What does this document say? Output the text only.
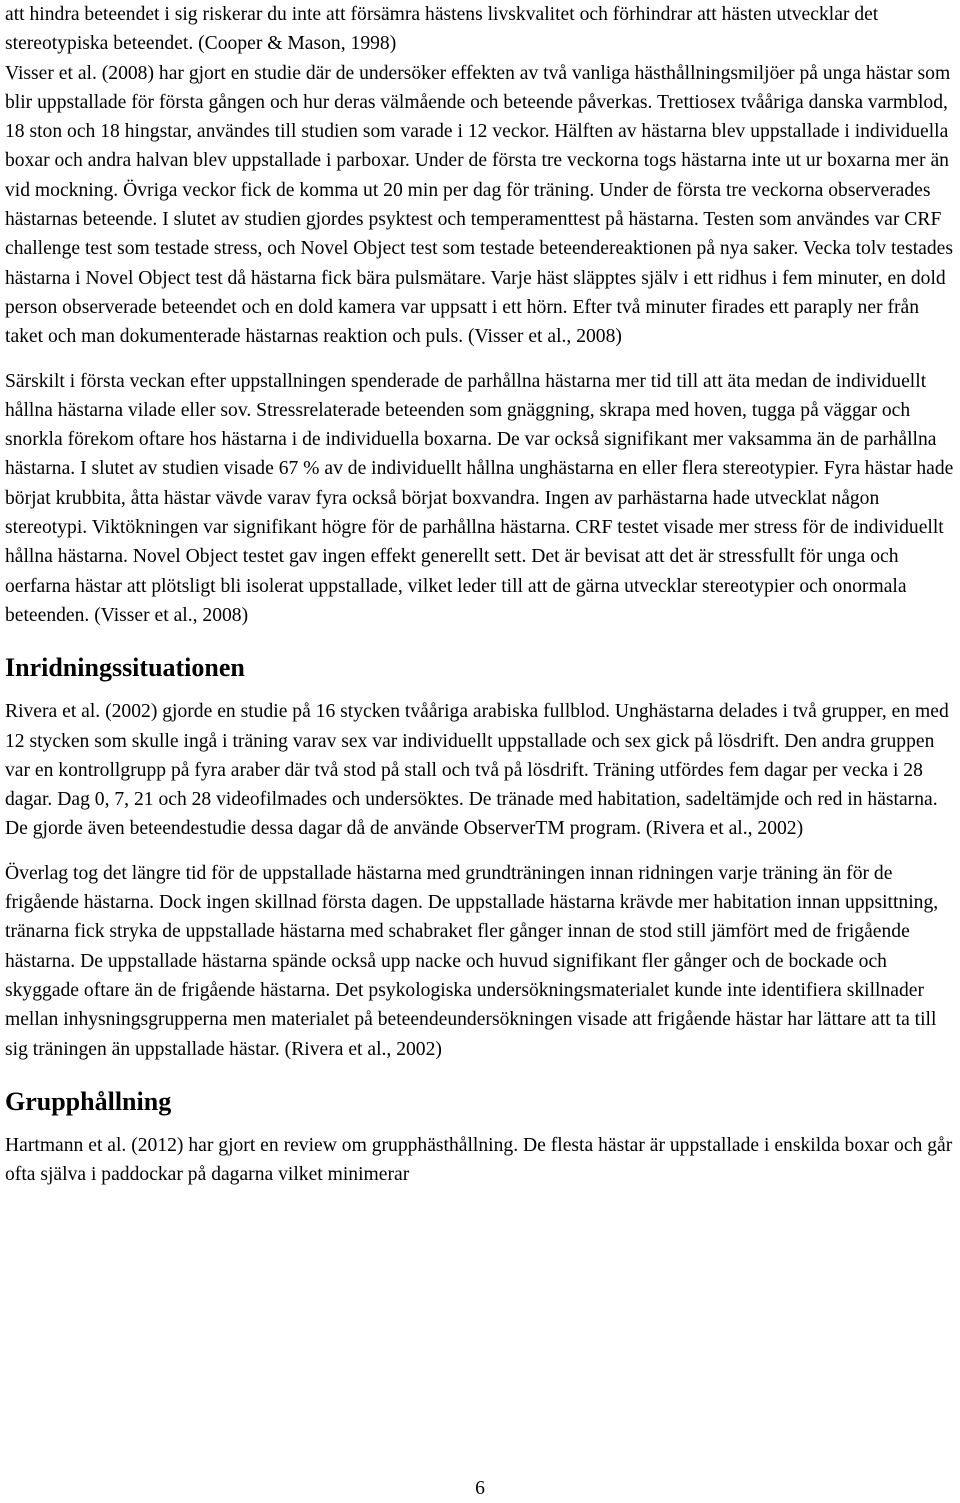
att hindra beteendet i sig riskerar du inte att försämra hästens livskvalitet och förhindrar att hästen utvecklar det stereotypiska beteendet. (Cooper & Mason, 1998)

Visser et al. (2008) har gjort en studie där de undersöker effekten av två vanliga hästhållningsmiljöer på unga hästar som blir uppstallade för första gången och hur deras välmående och beteende påverkas. Trettiosex tvååriga danska varmblod, 18 ston och 18 hingstar, användes till studien som varade i 12 veckor. Hälften av hästarna blev uppstallade i individuella boxar och andra halvan blev uppstallade i parboxar. Under de första tre veckorna togs hästarna inte ut ur boxarna mer än vid mockning. Övriga veckor fick de komma ut 20 min per dag för träning. Under de första tre veckorna observerades hästarnas beteende. I slutet av studien gjordes psyktest och temperamenttest på hästarna. Testen som användes var CRF challenge test som testade stress, och Novel Object test som testade beteendereaktionen på nya saker. Vecka tolv testades hästarna i Novel Object test då hästarna fick bära pulsmätare. Varje häst släpptes själv i ett ridhus i fem minuter, en dold person observerade beteendet och en dold kamera var uppsatt i ett hörn. Efter två minuter firades ett paraply ner från taket och man dokumenterade hästarnas reaktion och puls. (Visser et al., 2008)

Särskilt i första veckan efter uppstallningen spenderade de parhållna hästarna mer tid till att äta medan de individuellt hållna hästarna vilade eller sov. Stressrelaterade beteenden som gnäggning, skrapa med hoven, tugga på väggar och snorkla förekom oftare hos hästarna i de individuella boxarna. De var också signifikant mer vaksamma än de parhållna hästarna. I slutet av studien visade 67 % av de individuellt hållna unghästarna en eller flera stereotypier. Fyra hästar hade börjat krubbita, åtta hästar vävde varav fyra också börjat boxvandra. Ingen av parhästarna hade utvecklat någon stereotypi. Viktökningen var signifikant högre för de parhållna hästarna. CRF testet visade mer stress för de individuellt hållna hästarna. Novel Object testet gav ingen effekt generellt sett. Det är bevisat att det är stressfullt för unga och oerfarna hästar att plötsligt bli isolerat uppstallade, vilket leder till att de gärna utvecklar stereotypier och onormala beteenden. (Visser et al., 2008)

Inridningssituationen

Rivera et al. (2002) gjorde en studie på 16 stycken tvååriga arabiska fullblod. Unghästarna delades i två grupper, en med 12 stycken som skulle ingå i träning varav sex var individuellt uppstallade och sex gick på lösdrift. Den andra gruppen var en kontrollgrupp på fyra araber där två stod på stall och två på lösdrift. Träning utfördes fem dagar per vecka i 28 dagar. Dag 0, 7, 21 och 28 videofilmades och undersöktes. De tränade med habitation, sadeltämjde och red in hästarna. De gjorde även beteendestudie dessa dagar då de använde ObserverTM program. (Rivera et al., 2002)

Överlag tog det längre tid för de uppstallade hästarna med grundträningen innan ridningen varje träning än för de frigående hästarna. Dock ingen skillnad första dagen. De uppstallade hästarna krävde mer habitation innan uppsittning, tränarna fick stryka de uppstallade hästarna med schabraket fler gånger innan de stod still jämfört med de frigående hästarna. De uppstallade hästarna spände också upp nacke och huvud signifikant fler gånger och de bockade och skyggade oftare än de frigående hästarna. Det psykologiska undersökningsmaterialet kunde inte identifiera skillnader mellan inhysningsgrupperna men materialet på beteendeundersökningen visade att frigående hästar har lättare att ta till sig träningen än uppstallade hästar. (Rivera et al., 2002)

Grupphållning

Hartmann et al. (2012) har gjort en review om grupphästhållning. De flesta hästar är uppstallade i enskilda boxar och går ofta själva i paddockar på dagarna vilket minimerar

6
